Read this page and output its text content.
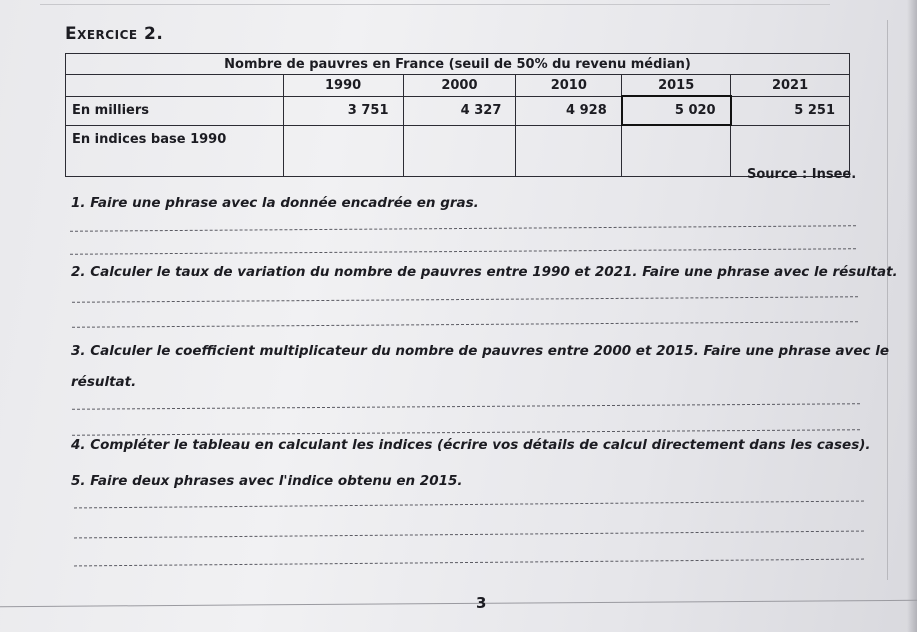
Exercice 2.
Nombre de pauvres en France (seuil de 50% du revenu médian)					
	1990	2000	2010	2015	2021
En milliers	3 751	4 327	4 928	5 020	5 251
En indices base 1990					
Source : Insee.
1. Faire une phrase avec la donnée encadrée en gras.
2. Calculer le taux de variation du nombre de pauvres entre 1990 et 2021. Faire une phrase avec le résultat.
3. Calculer le coefficient multiplicateur du nombre de pauvres entre 2000 et 2015. Faire une phrase avec le
résultat.
4. Compléter le tableau en calculant les indices (écrire vos détails de calcul directement dans les cases).
5. Faire deux phrases avec l'indice obtenu en 2015.
3
